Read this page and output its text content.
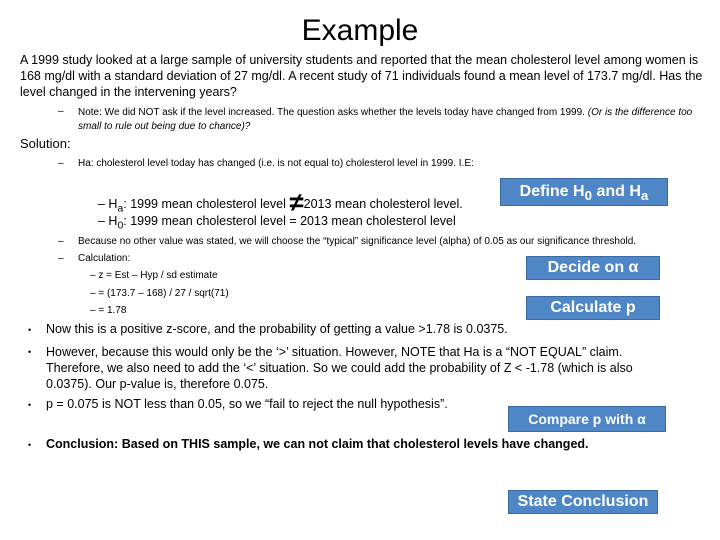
Example
A 1999 study looked at a large sample of university students and reported that the mean cholesterol level among women is 168 mg/dl with a standard deviation of 27 mg/dl. A recent study of 71 individuals found a mean level of 173.7 mg/dl. Has the level changed in the intervening years?
– Note: We did NOT ask if the level increased. The question asks whether the levels today have changed from 1999. (Or is the difference too small to rule out being due to chance)?
Solution:
– Ha: cholesterol level today has changed (i.e. is not equal to) cholesterol level in 1999. I.E:
– $H_a$: 1999 mean cholesterol level ≠2013 mean cholesterol level.
– $H_0$: 1999 mean cholesterol level = 2013 mean cholesterol level
– Because no other value was stated, we will choose the “typical” significance level (alpha) of 0.05 as our significance threshold.
– Calculation:
– z = Est – Hyp / sd estimate
– = (173.7 – 168) / 27 / sqrt(71)
– = 1.78
• Now this is a positive z-score, and the probability of getting a value >1.78 is 0.0375.
• However, because this would only be the ‘>’ situation. However, NOTE that Ha is a “NOT EQUAL” claim. Therefore, we also need to add the ‘<’ situation. So we could add the probability of Z < -1.78 (which is also 0.0375). Our p-value is, therefore 0.075.
• p = 0.075 is NOT less than 0.05, so we “fail to reject the null hypothesis”.
• Conclusion: Based on THIS sample, we can not claim that cholesterol levels have changed.
Define $H_0$ and $H_a$
Decide on α
Calculate p
Compare p with α
State Conclusion
